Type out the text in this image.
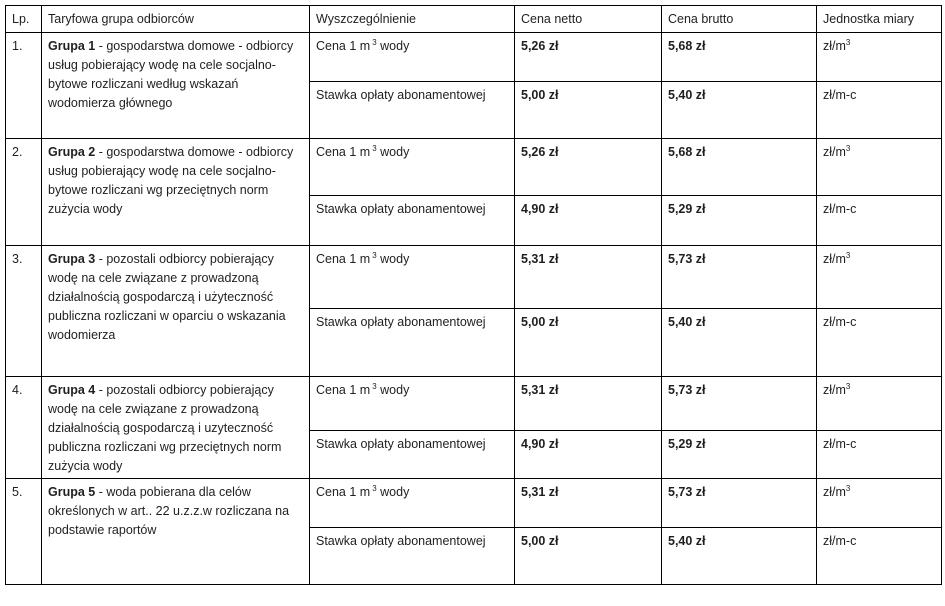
Lp.	Taryfowa grupa odbiorców	Wyszczególnienie	Cena netto	Cena brutto	Jednostka miary
1.	Grupa 1 - gospodarstwa domowe - odbiorcy usług pobierający wodę na cele socjalno-bytowe rozliczani według wskazań wodomierza głównego	Cena 1 m $^3$ wody	5,26 zł	5,68 zł	$zł/m^3$
		Stawka opłaty abonamentowej	5,00 zł	5,40 zł	zł/m-c
2.	Grupa 2 - gospodarstwa domowe - odbiorcy usług pobierający wodę na cele socjalno-bytowe rozliczani wg przeciętnych norm zużycia wody	Cena 1 m $^3$ wody	5,26 zł	5,68 zł	$zł/m^3$
		Stawka opłaty abonamentowej	4,90 zł	5,29 zł	zł/m-c
3.	Grupa 3 - pozostali odbiorcy pobierający wodę na cele związane z prowadzoną działalnością gospodarczą i użyteczność publiczna rozliczani w oparciu o wskazania wodomierza	Cena 1 m $^3$ wody	5,31 zł	5,73 zł	$zł/m^3$
		Stawka opłaty abonamentowej	5,00 zł	5,40 zł	zł/m-c
4.	Grupa 4 - pozostali odbiorcy pobierający wodę na cele związane z prowadzoną działalnością gospodarczą i uzyteczność publiczna rozliczani wg przeciętnych norm zużycia wody	Cena 1 m $^3$ wody	5,31 zł	5,73 zł	$zł/m^3$
		Stawka opłaty abonamentowej	4,90 zł	5,29 zł	zł/m-c
5.	Grupa 5 - woda pobierana dla celów określonych w art.. 22 u.z.z.w rozliczana na podstawie raportów	Cena 1 m $^3$ wody	5,31 zł	5,73 zł	$zł/m^3$
		Stawka opłaty abonamentowej	5,00 zł	5,40 zł	zł/m-c
